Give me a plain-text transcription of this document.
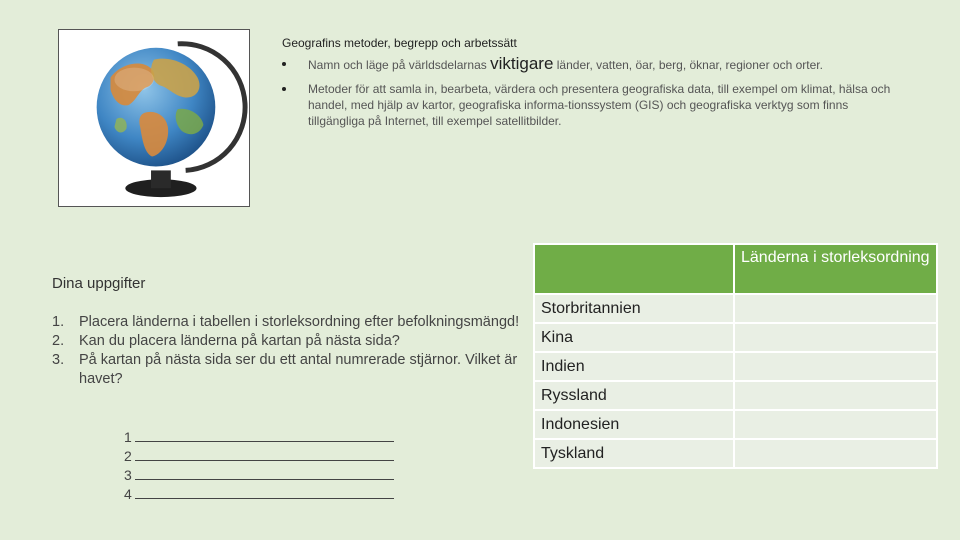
Geografins metoder, begrepp och arbetssätt

Namn och läge på världsdelarnas viktigare länder, vatten, öar, berg, öknar, regioner och orter.
Metoder för att samla in, bearbeta, värdera och presentera geografiska data, till exempel om klimat, hälsa och handel, med hjälp av kartor, geografiska informa-tionssystem (GIS) och geografiska verktyg som finns tillgängliga på Internet, till exempel satellitbilder.
Dina uppgifter
1. Placera länderna i tabellen i storleksordning efter befolkningsmängd!
2. Kan du placera länderna på kartan på nästa sida?
3. På kartan på nästa sida ser du ett antal numrerade stjärnor. Vilket är havet?
1
2
3
4
	Länderna i storleksordning
Storbritannien	
Kina	
Indien	
Ryssland	
Indonesien	
Tyskland	
